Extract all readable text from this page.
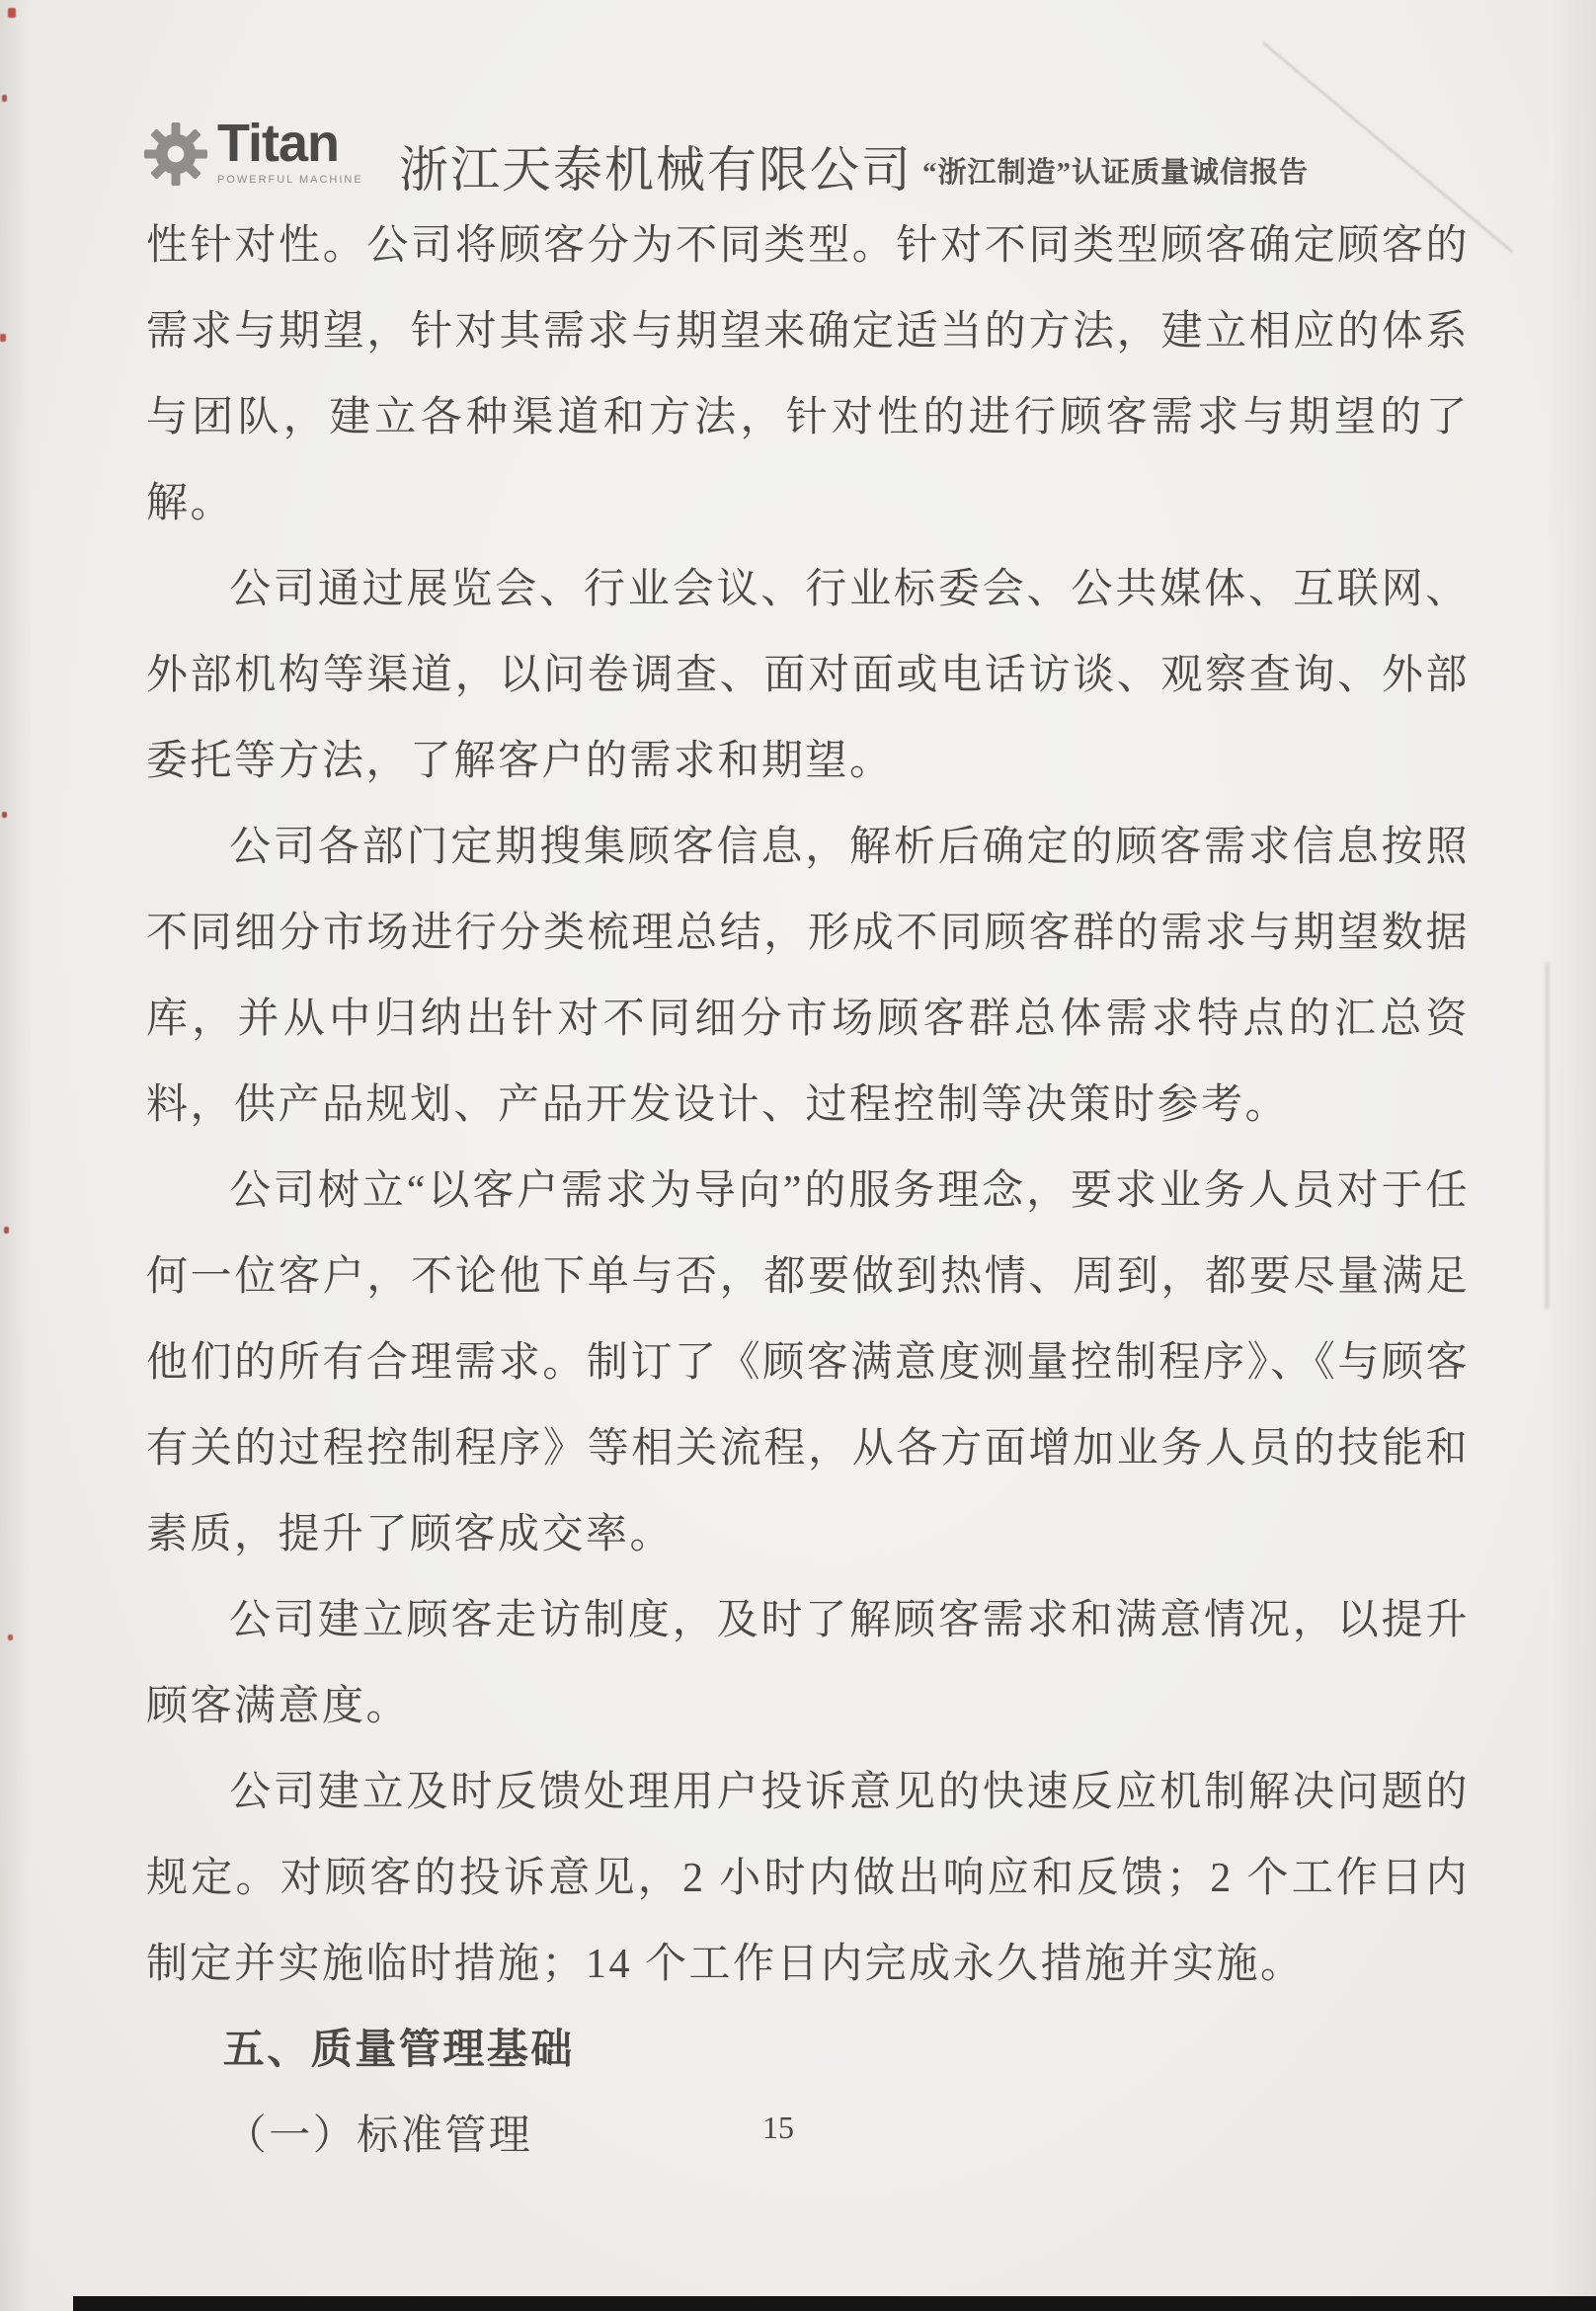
Titan
POWERFUL MACHINE 浙江天泰机械有限公司 “浙江制造”认证质量诚信报告

性针对性。公司将顾客分为不同类型。针对不同类型顾客确定顾客的需求与期望，针对其需求与期望来确定适当的方法，建立相应的体系与团队，建立各种渠道和方法，针对性的进行顾客需求与期望的了解。

公司通过展览会、行业会议、行业标委会、公共媒体、互联网、外部机构等渠道，以问卷调查、面对面或电话访谈、观察查询、外部委托等方法，了解客户的需求和期望。

公司各部门定期搜集顾客信息，解析后确定的顾客需求信息按照不同细分市场进行分类梳理总结，形成不同顾客群的需求与期望数据库，并从中归纳出针对不同细分市场顾客群总体需求特点的汇总资料，供产品规划、产品开发设计、过程控制等决策时参考。

公司树立“以客户需求为导向”的服务理念，要求业务人员对于任何一位客户，不论他下单与否，都要做到热情、周到，都要尽量满足他们的所有合理需求。制订了《顾客满意度测量控制程序》、《与顾客有关的过程控制程序》等相关流程，从各方面增加业务人员的技能和素质，提升了顾客成交率。

公司建立顾客走访制度，及时了解顾客需求和满意情况，以提升顾客满意度。

公司建立及时反馈处理用户投诉意见的快速反应机制解决问题的规定。对顾客的投诉意见，2 小时内做出响应和反馈；2 个工作日内制定并实施临时措施；14 个工作日内完成永久措施并实施。

五、质量管理基础

（一）标准管理	15
